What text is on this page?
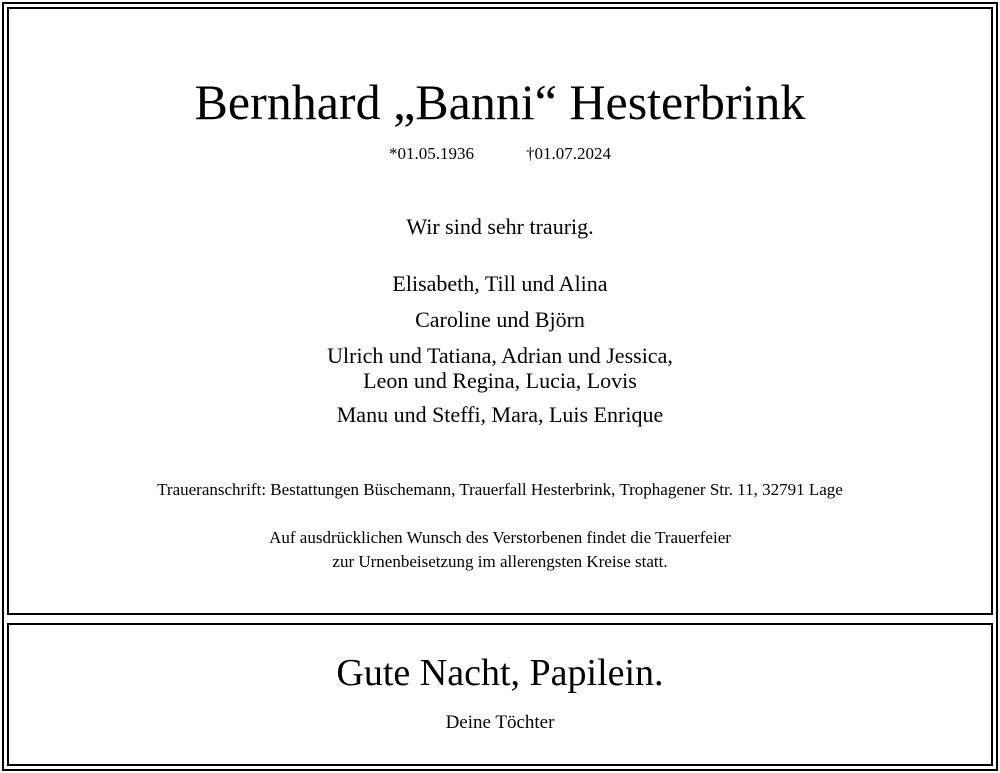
Bernhard „Banni“ Hesterbrink
*01.05.1936	†01.07.2024
Wir sind sehr traurig.
Elisabeth, Till und Alina
Caroline und Björn
Ulrich und Tatiana, Adrian und Jessica,
Leon und Regina, Lucia, Lovis
Manu und Steffi, Mara, Luis Enrique
Traueranschrift: Bestattungen Büschemann, Trauerfall Hesterbrink, Trophagener Str. 11, 32791 Lage
Auf ausdrücklichen Wunsch des Verstorbenen findet die Trauerfeier
zur Urnenbeisetzung im allerengsten Kreise statt.
Gute Nacht, Papilein.
Deine Töchter
